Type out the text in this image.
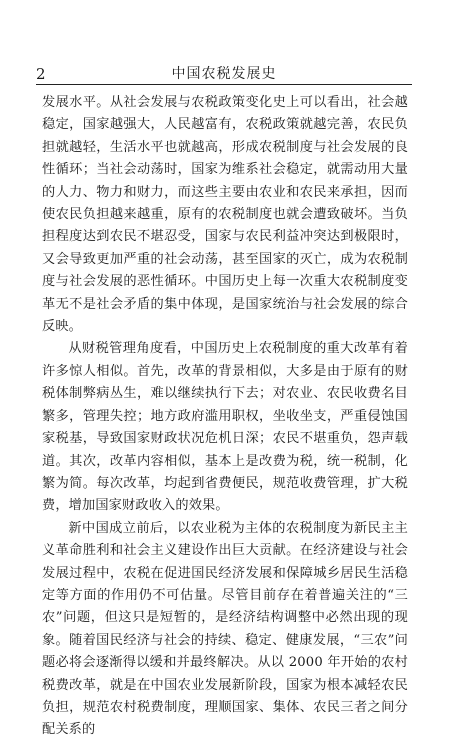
2	中国农税发展史

发展水平。从社会发展与农税政策变化史上可以看出，社会越稳定，国家越强大，人民越富有，农税政策就越完善，农民负担就越轻，生活水平也就越高，形成农税制度与社会发展的良性循环；当社会动荡时，国家为维系社会稳定，就需动用大量的人力、物力和财力，而这些主要由农业和农民来承担，因而使农民负担越来越重，原有的农税制度也就会遭致破坏。当负担程度达到农民不堪忍受，国家与农民利益冲突达到极限时，又会导致更加严重的社会动荡，甚至国家的灭亡，成为农税制度与社会发展的恶性循环。中国历史上每一次重大农税制度变革无不是社会矛盾的集中体现，是国家统治与社会发展的综合反映。

从财税管理角度看，中国历史上农税制度的重大改革有着许多惊人相似。首先，改革的背景相似，大多是由于原有的财税体制弊病丛生，难以继续执行下去；对农业、农民收费名目繁多，管理失控；地方政府滥用职权，坐收坐支，严重侵蚀国家税基，导致国家财政状况危机日深；农民不堪重负，怨声载道。其次，改革内容相似，基本上是改费为税，统一税制，化繁为简。每次改革，均起到省费便民，规范收费管理，扩大税费，增加国家财政收入的效果。

新中国成立前后，以农业税为主体的农税制度为新民主主义革命胜利和社会主义建设作出巨大贡献。在经济建设与社会发展过程中，农税在促进国民经济发展和保障城乡居民生活稳定等方面的作用仍不可估量。尽管目前存在着普遍关注的“三农”问题，但这只是短暂的，是经济结构调整中必然出现的现象。随着国民经济与社会的持续、稳定、健康发展，“三农”问题必将会逐渐得以缓和并最终解决。从以 2000 年开始的农村税费改革，就是在中国农业发展新阶段，国家为根本减轻农民负担，规范农村税费制度，理顺国家、集体、农民三者之间分配关系的
